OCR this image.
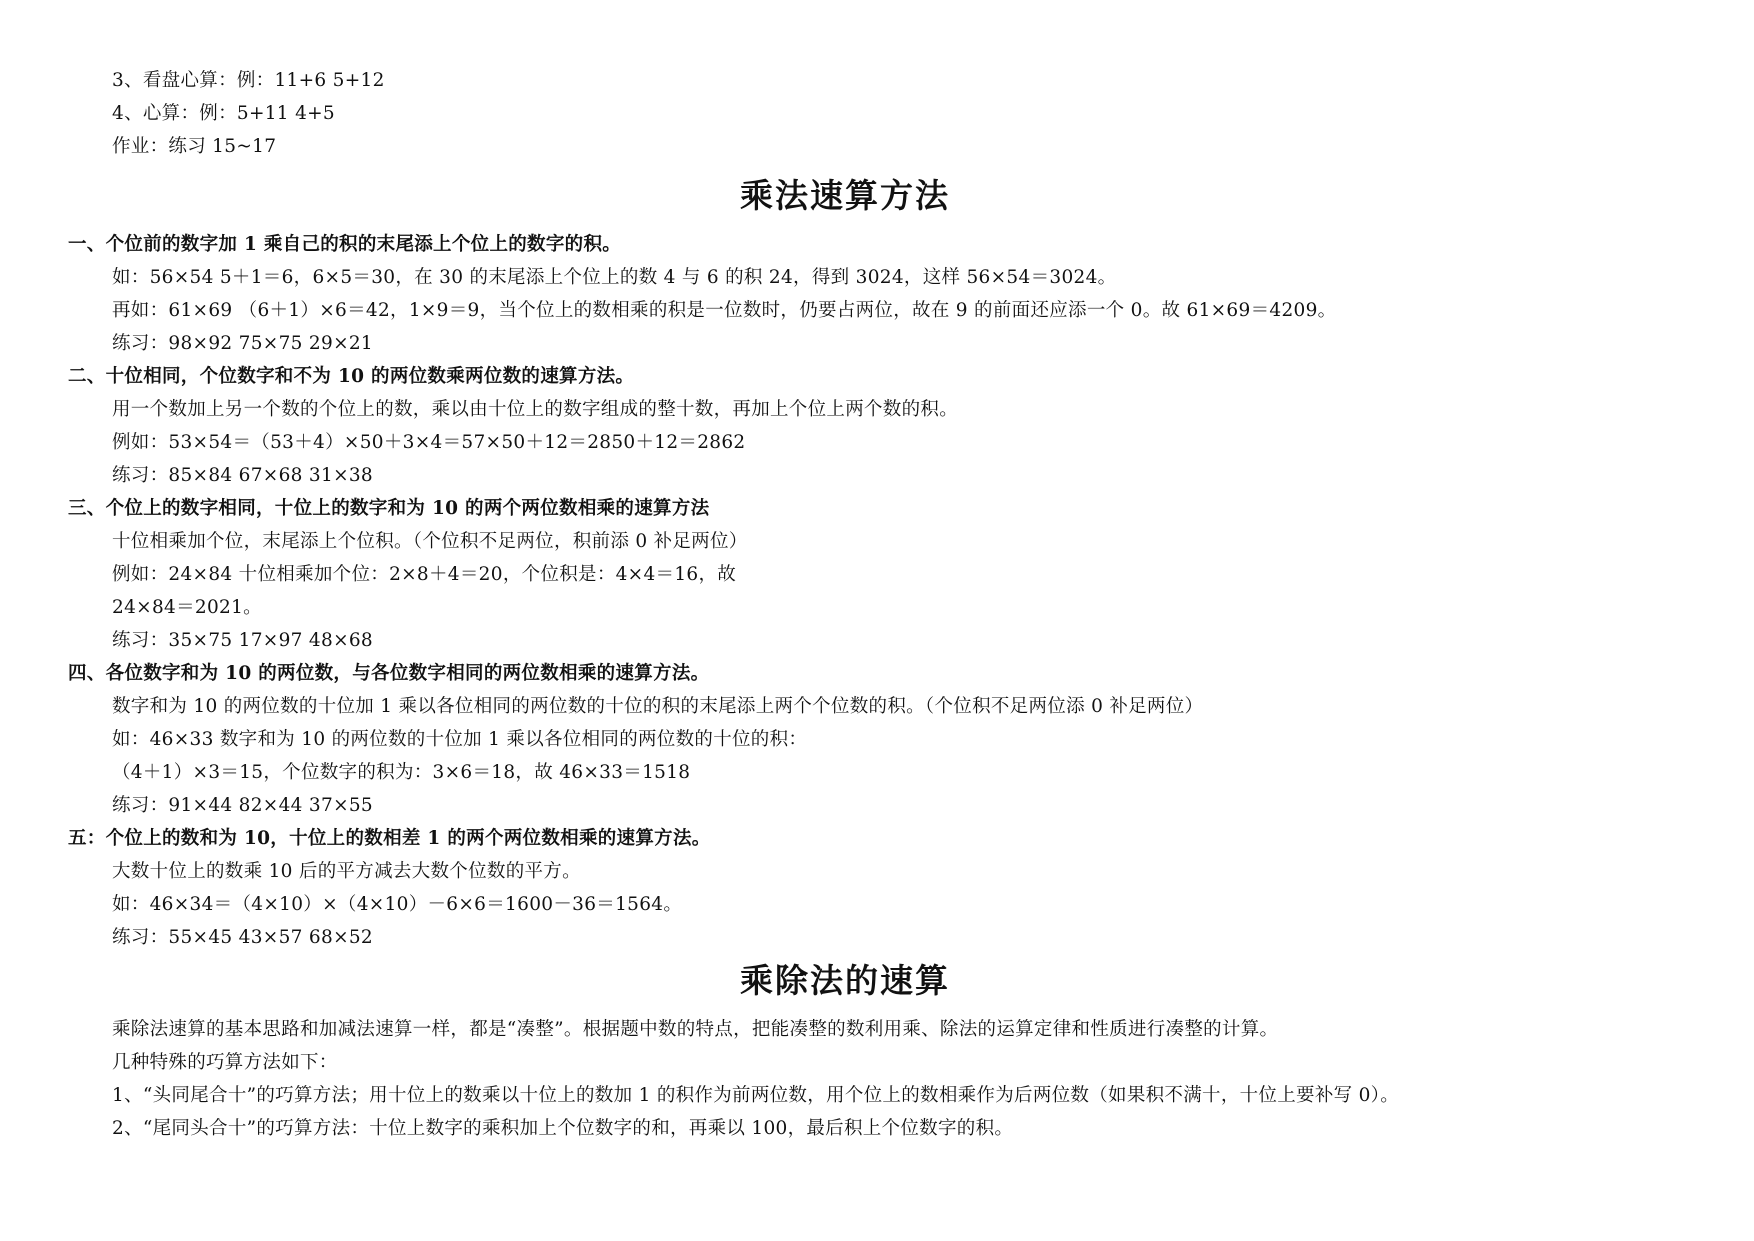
3、看盘心算：例：11+6 5+12
4、心算：例：5+11 4+5
作业：练习 15~17
乘法速算方法
一、个位前的数字加 1 乘自己的积的末尾添上个位上的数字的积。
如：56×54 5＋1＝6，6×5＝30，在 30 的末尾添上个位上的数 4 与 6 的积 24，得到 3024，这样 56×54＝3024。
再如：61×69 （6＋1）×6＝42，1×9＝9，当个位上的数相乘的积是一位数时，仍要占两位，故在 9 的前面还应添一个 0。故 61×69＝4209。
练习：98×92 75×75 29×21
二、十位相同，个位数字和不为 10 的两位数乘两位数的速算方法。
用一个数加上另一个数的个位上的数，乘以由十位上的数字组成的整十数，再加上个位上两个数的积。
例如：53×54＝（53＋4）×50＋3×4＝57×50＋12＝2850＋12＝2862
练习：85×84 67×68 31×38
三、个位上的数字相同，十位上的数字和为 10 的两个两位数相乘的速算方法
十位相乘加个位，末尾添上个位积。（个位积不足两位，积前添 0 补足两位）
例如：24×84 十位相乘加个位：2×8＋4＝20，个位积是：4×4＝16，故
24×84＝2021。
练习：35×75 17×97 48×68
四、各位数字和为 10 的两位数，与各位数字相同的两位数相乘的速算方法。
数字和为 10 的两位数的十位加 1 乘以各位相同的两位数的十位的积的末尾添上两个个位数的积。（个位积不足两位添 0 补足两位）
如：46×33 数字和为 10 的两位数的十位加 1 乘以各位相同的两位数的十位的积：
（4＋1）×3＝15，个位数字的积为：3×6＝18，故 46×33＝1518
练习：91×44 82×44 37×55
五：个位上的数和为 10，十位上的数相差 1 的两个两位数相乘的速算方法。
大数十位上的数乘 10 后的平方减去大数个位数的平方。
如：46×34＝（4×10）×（4×10）－6×6＝1600－36＝1564。
练习：55×45 43×57 68×52
乘除法的速算
乘除法速算的基本思路和加减法速算一样，都是“凑整”。根据题中数的特点，把能凑整的数利用乘、除法的运算定律和性质进行凑整的计算。
几种特殊的巧算方法如下：
1、“头同尾合十”的巧算方法；用十位上的数乘以十位上的数加 1 的积作为前两位数，用个位上的数相乘作为后两位数（如果积不满十，十位上要补写 0）。
2、“尾同头合十”的巧算方法：十位上数字的乘积加上个位数字的和，再乘以 100，最后积上个位数字的积。
